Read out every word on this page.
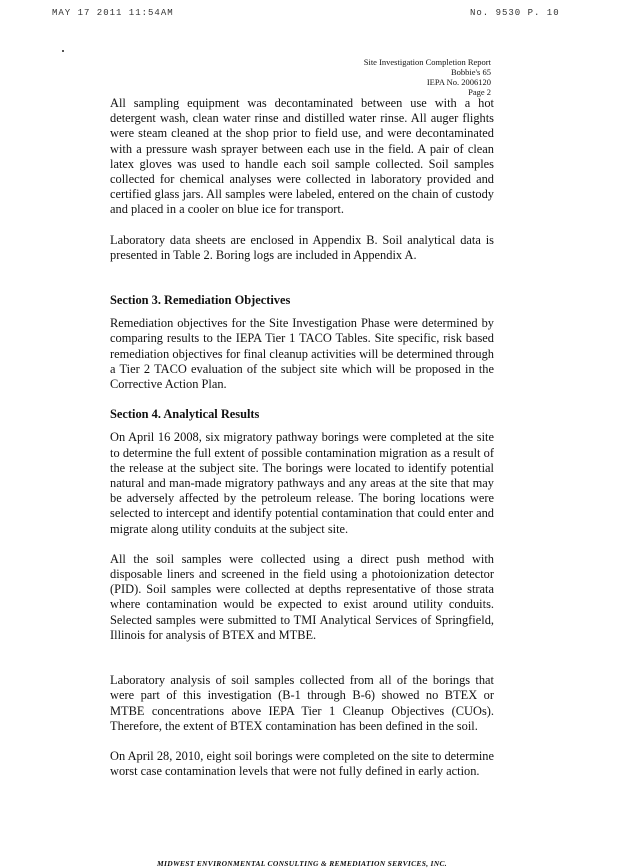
MAY 17 2011 11:54AM	No. 9530 P. 10
Site Investigation Completion Report
Bobbie's 65
IEPA No. 2006120
Page 2
All sampling equipment was decontaminated between use with a hot detergent wash, clean water rinse and distilled water rinse. All auger flights were steam cleaned at the shop prior to field use, and were decontaminated with a pressure wash sprayer between each use in the field. A pair of clean latex gloves was used to handle each soil sample collected. Soil samples collected for chemical analyses were collected in laboratory provided and certified glass jars. All samples were labeled, entered on the chain of custody and placed in a cooler on blue ice for transport.
Laboratory data sheets are enclosed in Appendix B. Soil analytical data is presented in Table 2. Boring logs are included in Appendix A.
Section 3. Remediation Objectives
Remediation objectives for the Site Investigation Phase were determined by comparing results to the IEPA Tier 1 TACO Tables. Site specific, risk based remediation objectives for final cleanup activities will be determined through a Tier 2 TACO evaluation of the subject site which will be proposed in the Corrective Action Plan.
Section 4. Analytical Results
On April 16 2008, six migratory pathway borings were completed at the site to determine the full extent of possible contamination migration as a result of the release at the subject site. The borings were located to identify potential natural and man-made migratory pathways and any areas at the site that may be adversely affected by the petroleum release. The boring locations were selected to intercept and identify potential contamination that could enter and migrate along utility conduits at the subject site.
All the soil samples were collected using a direct push method with disposable liners and screened in the field using a photoionization detector (PID). Soil samples were collected at depths representative of those strata where contamination would be expected to exist around utility conduits. Selected samples were submitted to TMI Analytical Services of Springfield, Illinois for analysis of BTEX and MTBE.
Laboratory analysis of soil samples collected from all of the borings that were part of this investigation (B-1 through B-6) showed no BTEX or MTBE concentrations above IEPA Tier 1 Cleanup Objectives (CUOs). Therefore, the extent of BTEX contamination has been defined in the soil.
On April 28, 2010, eight soil borings were completed on the site to determine worst case contamination levels that were not fully defined in early action.
MIDWEST ENVIRONMENTAL CONSULTING & REMEDIATION SERVICES, INC.
